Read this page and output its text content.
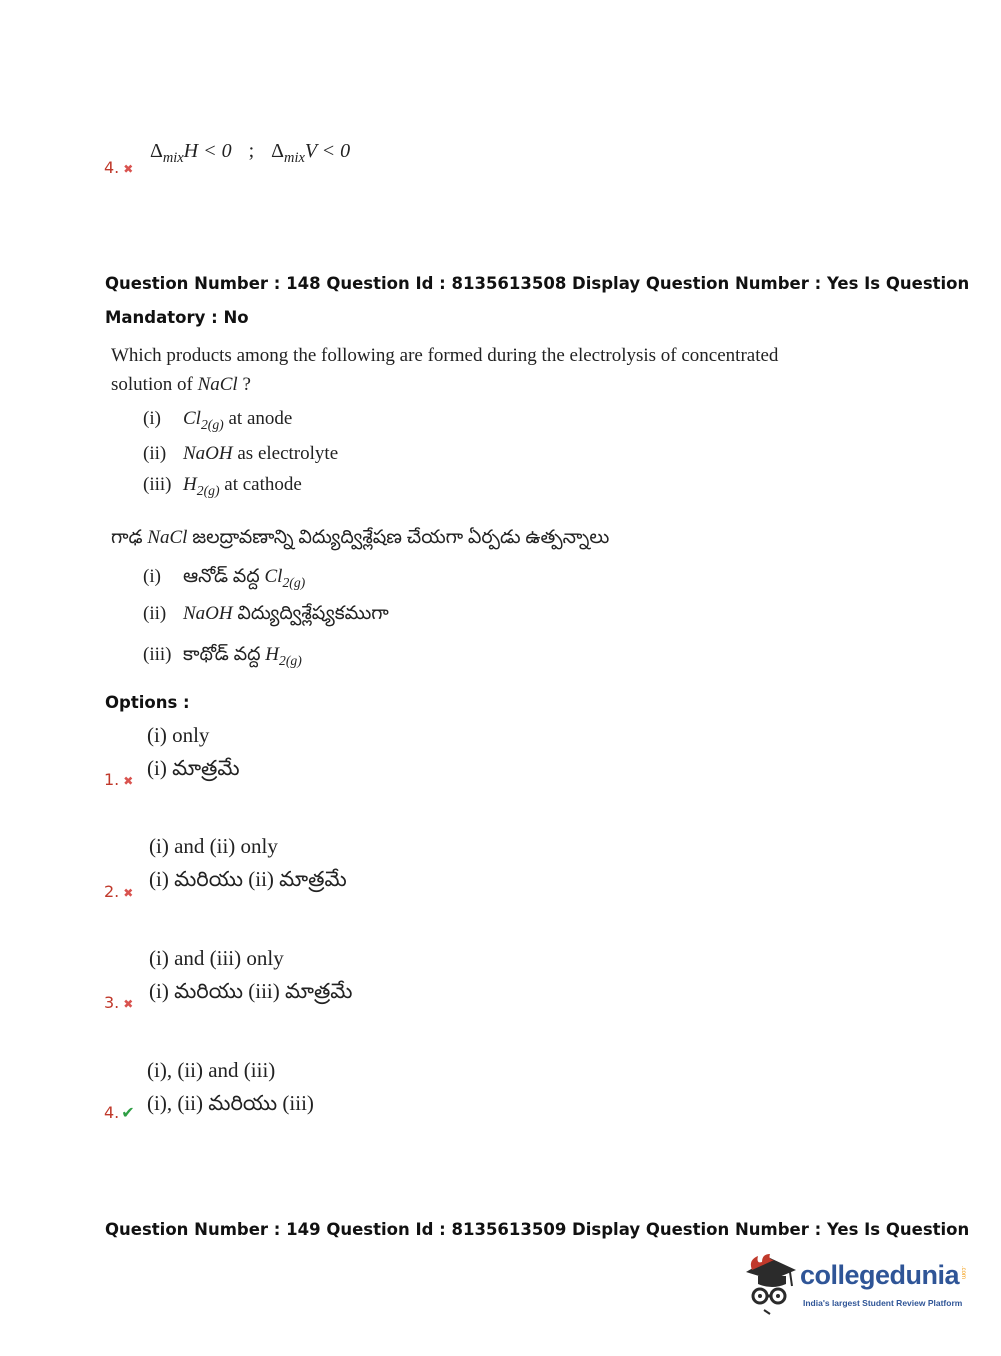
4. ✖
$\Delta_{mix}H < 0$ ; $\Delta_{mix}V < 0$
Question Number : 148 Question Id : 8135613508 Display Question Number : Yes Is Question
Mandatory : No
Which products among the following are formed during the electrolysis of concentrated
solution of NaCl ?
(i) $Cl_{2(g)}$ at anode
(ii) NaOH as electrolyte
(iii) $H_{2(g)}$ at cathode
గాఢ NaCl జలద్రావణాన్ని విద్యుద్విశ్లేషణ చేయగా ఏర్పడు ఉత్పన్నాలు
(i) ఆనోడ్ వద్ద $Cl_{2(g)}$
(ii) NaOH విద్యుద్విశ్లేష్యకముగా
(iii) కాథోడ్ వద్ద $H_{2(g)}$
Options :
(i) only
(i) మాత్రమే
1. ✖
(i) and (ii) only
(i) మరియు (ii) మాత్రమే
2. ✖
(i) and (iii) only
(i) మరియు (iii) మాత్రమే
3. ✖
(i), (ii) and (iii)
(i), (ii) మరియు (iii)
4. ✔
Question Number : 149 Question Id : 8135613509 Display Question Number : Yes Is Question
collegedunia .com
India's largest Student Review Platform
